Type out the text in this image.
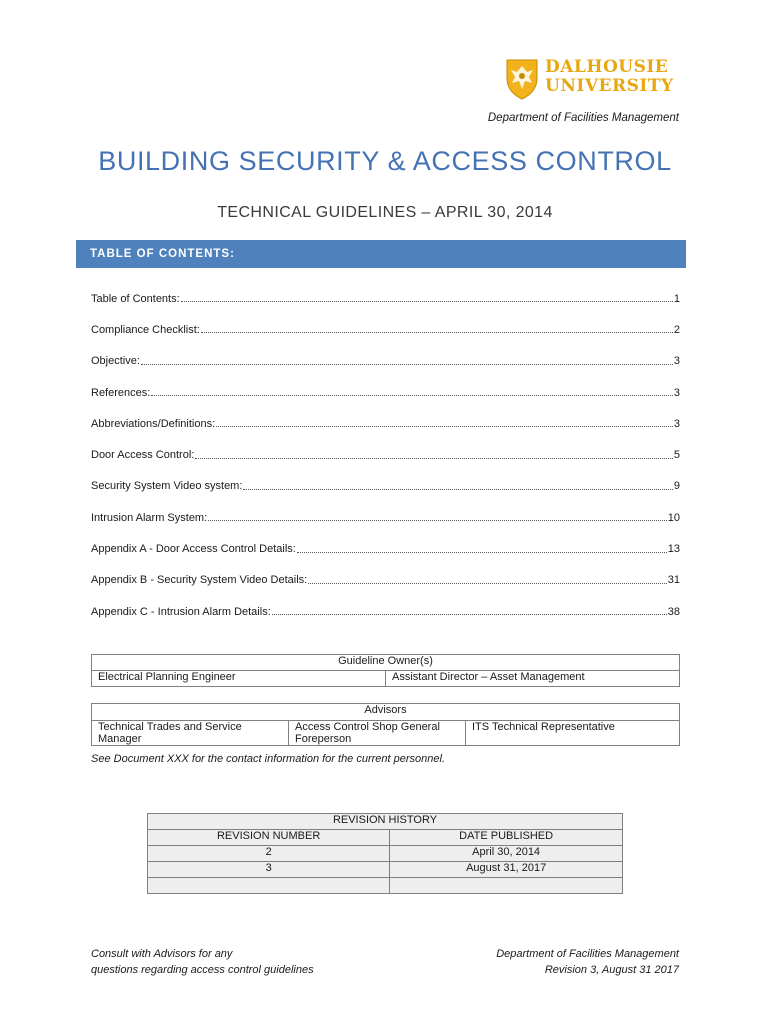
DALHOUSIE
UNIVERSITY
Department of Facilities Management
BUILDING SECURITY & ACCESS CONTROL
TECHNICAL GUIDELINES – APRIL 30, 2014
TABLE OF CONTENTS:
Table of Contents:	1
Compliance Checklist:	2
Objective:	3
References:	3
Abbreviations/Definitions:	3
Door Access Control:	5
Security System Video system:	9
Intrusion Alarm System:	10
Appendix A - Door Access Control Details:	13
Appendix B - Security System Video Details:	31
Appendix C - Intrusion Alarm Details:	38
Guideline Owner(s)
Electrical Planning Engineer	Assistant Director – Asset Management
Advisors
Technical Trades and Service Manager	Access Control Shop General Foreperson	ITS Technical Representative
See Document XXX for the contact information for the current personnel.
REVISION HISTORY	
REVISION NUMBER	DATE PUBLISHED
2	April 30, 2014
3	August 31, 2017

Consult with Advisors for any
questions regarding access control guidelines
Department of Facilities Management
Revision 3, August 31 2017
